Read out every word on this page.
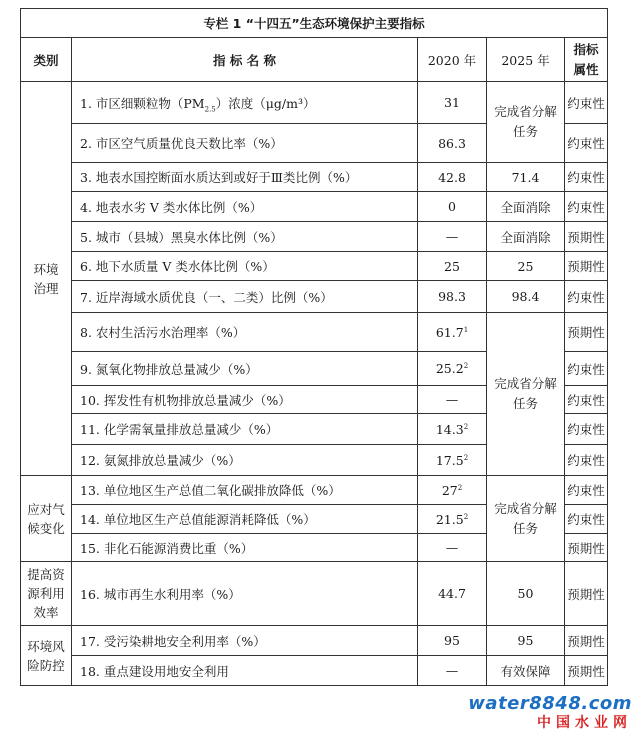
专栏 1 “十四五”生态环境保护主要指标				
类别	指 标 名 称	2020 年	2025 年	指标属性
环境治理	1. 市区细颗粒物$(PM_{2.5})$浓度（μg/m³）	31	完成省分解任务	约束性
	2. 市区空气质量优良天数比率（%）	86.3		约束性
	3. 地表水国控断面水质达到或好于Ⅲ类比例（%）	42.8	71.4	约束性
	4. 地表水劣 V 类水体比例（%）	0	全面消除	约束性
	5. 城市（县城）黑臭水体比例（%）	—	全面消除	预期性
	6. 地下水质量 V 类水体比例（%）	25	25	预期性
	7. 近岸海域水质优良（一、二类）比例（%）	98.3	98.4	约束性
	8. 农村生活污水治理率（%）	61.7$^1$	完成省分解任务	预期性
	9. 氮氧化物排放总量减少（%）	25.2$^2$		约束性
	10. 挥发性有机物排放总量减少（%）	—		约束性
	11. 化学需氧量排放总量减少（%）	14.3$^2$		约束性
	12. 氨氮排放总量减少（%）	17.5$^2$		约束性
应对气候变化	13. 单位地区生产总值二氧化碳排放降低（%）	$27^2$	完成省分解任务	约束性
	14. 单位地区生产总值能源消耗降低（%）	21.5$^2$		约束性
	15. 非化石能源消费比重（%）	—		预期性
提高资源利用效率	16. 城市再生水利用率（%）	44.7	50	预期性
环境风险防控	17. 受污染耕地安全利用率（%）	95	95	预期性
	18. 重点建设用地安全利用	—	有效保障	预期性
water8848.com
中国水业网
